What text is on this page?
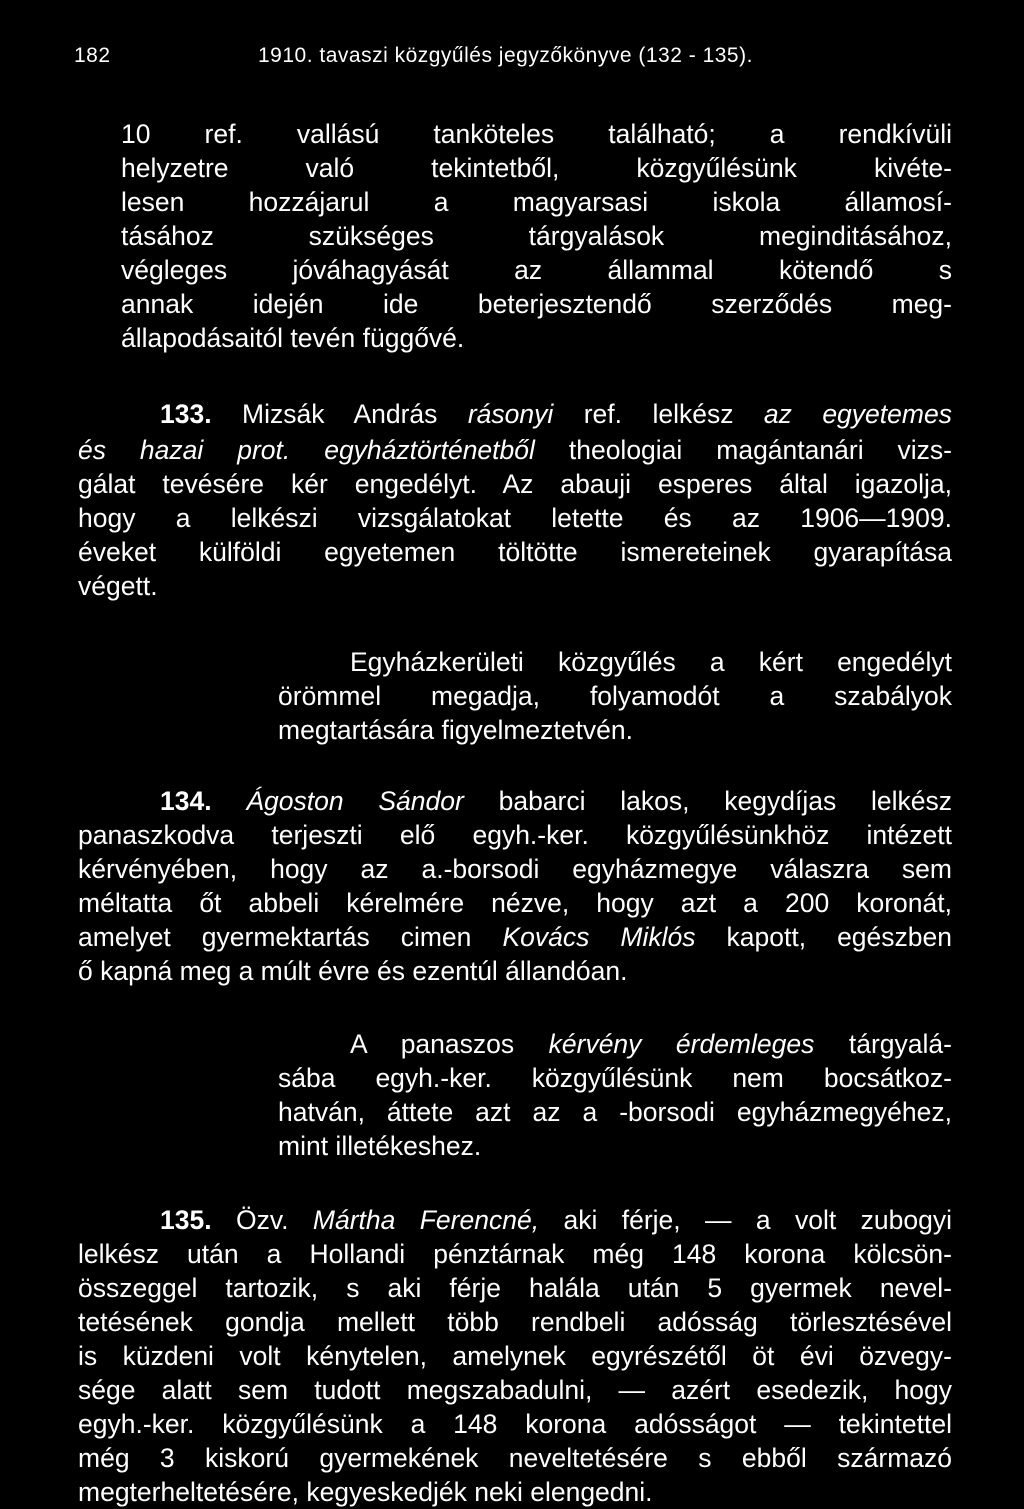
182	1910. tavaszi közgyűlés jegyzőkönyve (132 - 135).
10 ref. vallású tanköteles található; a rendkívüli
helyzetre való tekintetből, közgyűlésünk kivéte-
lesen hozzájarul a magyarsasi iskola államosí-
tásához szükséges tárgyalások meginditásához,
végleges jóváhagyását az állammal kötendő s
annak idején ide beterjesztendő szerződés meg-
állapodásaitól tevén függővé.
133. Mizsák András rásonyi ref. lelkész az egyetemes
és hazai prot. egyháztörténetből theologiai magántanári vizs-
gálat tevésére kér engedélyt. Az abauji esperes által igazolja,
hogy a lelkészi vizsgálatokat letette és az 1906—1909.
éveket külföldi egyetemen töltötte ismereteinek gyarapítása
végett.
Egyházkerületi közgyűlés a kért engedélyt
örömmel megadja, folyamodót a szabályok
megtartására figyelmeztetvén.
134. Ágoston Sándor babarci lakos, kegydíjas lelkész
panaszkodva terjeszti elő egyh.-ker. közgyűlésünkhöz intézett
kérvényében, hogy az a.-borsodi egyházmegye válaszra sem
méltatta őt abbeli kérelmére nézve, hogy azt a 200 koronát,
amelyet gyermektartás cimen Kovács Miklós kapott, egészben
ő kapná meg a múlt évre és ezentúl állandóan.
A panaszos kérvény érdemleges tárgyalá-
sába egyh.-ker. közgyűlésünk nem bocsátkoz-
hatván, áttete azt az a -borsodi egyházmegyéhez,
mint illetékeshez.
135. Özv. Mártha Ferencné, aki férje, — a volt zubogyi
lelkész után a Hollandi pénztárnak még 148 korona kölcsön-
összeggel tartozik, s aki férje halála után 5 gyermek nevel-
tetésének gondja mellett több rendbeli adósság törlesztésével
is küzdeni volt kénytelen, amelynek egyrészétől öt évi özvegy-
sége alatt sem tudott megszabadulni, — azért esedezik, hogy
egyh.-ker. közgyűlésünk a 148 korona adósságot — tekintettel
még 3 kiskorú gyermekének neveltetésére s ebből származó
megterheltetésére, kegyeskedjék neki elengedni.
